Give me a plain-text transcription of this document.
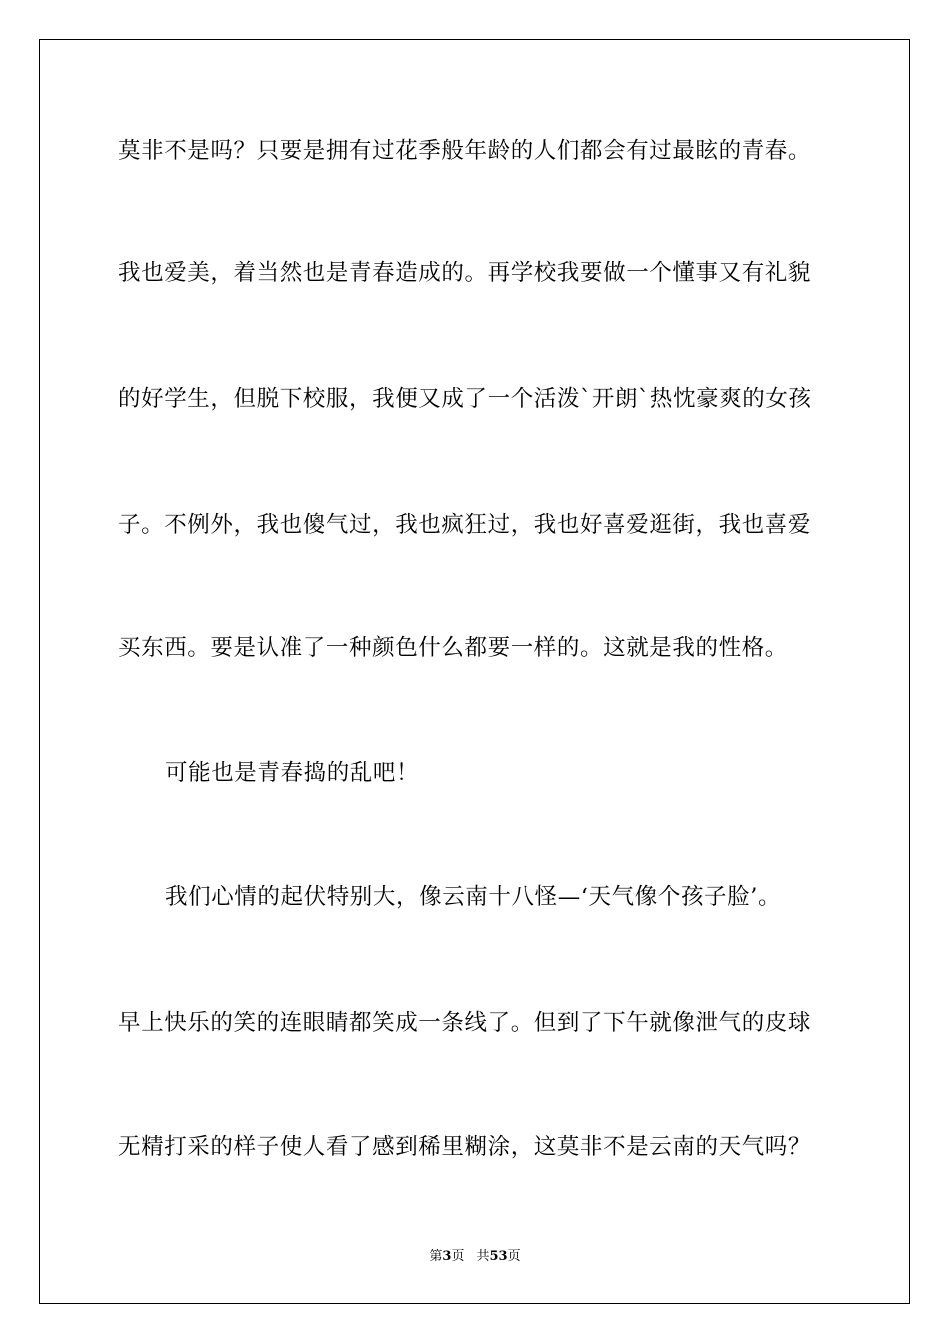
莫非不是吗？只要是拥有过花季般年龄的人们都会有过最眩的青春。
我也爱美，着当然也是青春造成的。再学校我要做一个懂事又有礼貌
的好学生，但脱下校服，我便又成了一个活泼`开朗`热忱豪爽的女孩
子。不例外，我也傻气过，我也疯狂过，我也好喜爱逛街，我也喜爱
买东西。要是认准了一种颜色什么都要一样的。这就是我的性格。
可能也是青春捣的乱吧！
我们心情的起伏特别大，像云南十八怪—‘天气像个孩子脸’。
早上快乐的笑的连眼睛都笑成一条线了。但到了下午就像泄气的皮球
无精打采的样子使人看了感到稀里糊涂，这莫非不是云南的天气吗？
第3页 共53页
